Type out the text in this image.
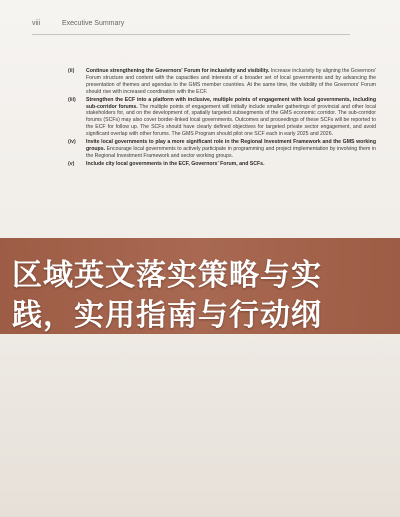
viii	Executive Summary
(ii) Continue strengthening the Governors' Forum for inclusivity and visibility. Increase inclusivity by aligning the Governors' Forum structure and content with the capacities and interests of a broader set of local governments and by advancing the presentation of themes and agendas to the GMS member countries. At the same time, the visibility of the Governors' Forum should rise with increased coordination with the ECF.
(iii) Strengthen the ECF into a platform with inclusive, multiple points of engagement with local governments, including sub-corridor forums. The multiple points of engagement will initially include smaller gatherings of provincial and other local stakeholders for, and on the development of, spatially targeted subsegments of the GMS economic corridor. The sub-corridor forums (SCFs) may also cover border-linked local governments. Outcomes and proceedings of these SCFs will be reported to the ECF for follow up. The SCFs should have clearly defined objectives for targeted private sector engagement, and avoid significant overlap with other forums. The GMS Program should pilot one SCF each in early 2025 and 2026.
(iv) Invite local governments to play a more significant role in the Regional Investment Framework and the GMS working groups. Encourage local governments to actively participate in programming and project implementation by involving them in the Regional Investment Framework and sector working groups.
(v) Include city local governments in the ECF, Governors' Forum, and SCFs.
区域英文落实策略与实
践，实用指南与行动纲
